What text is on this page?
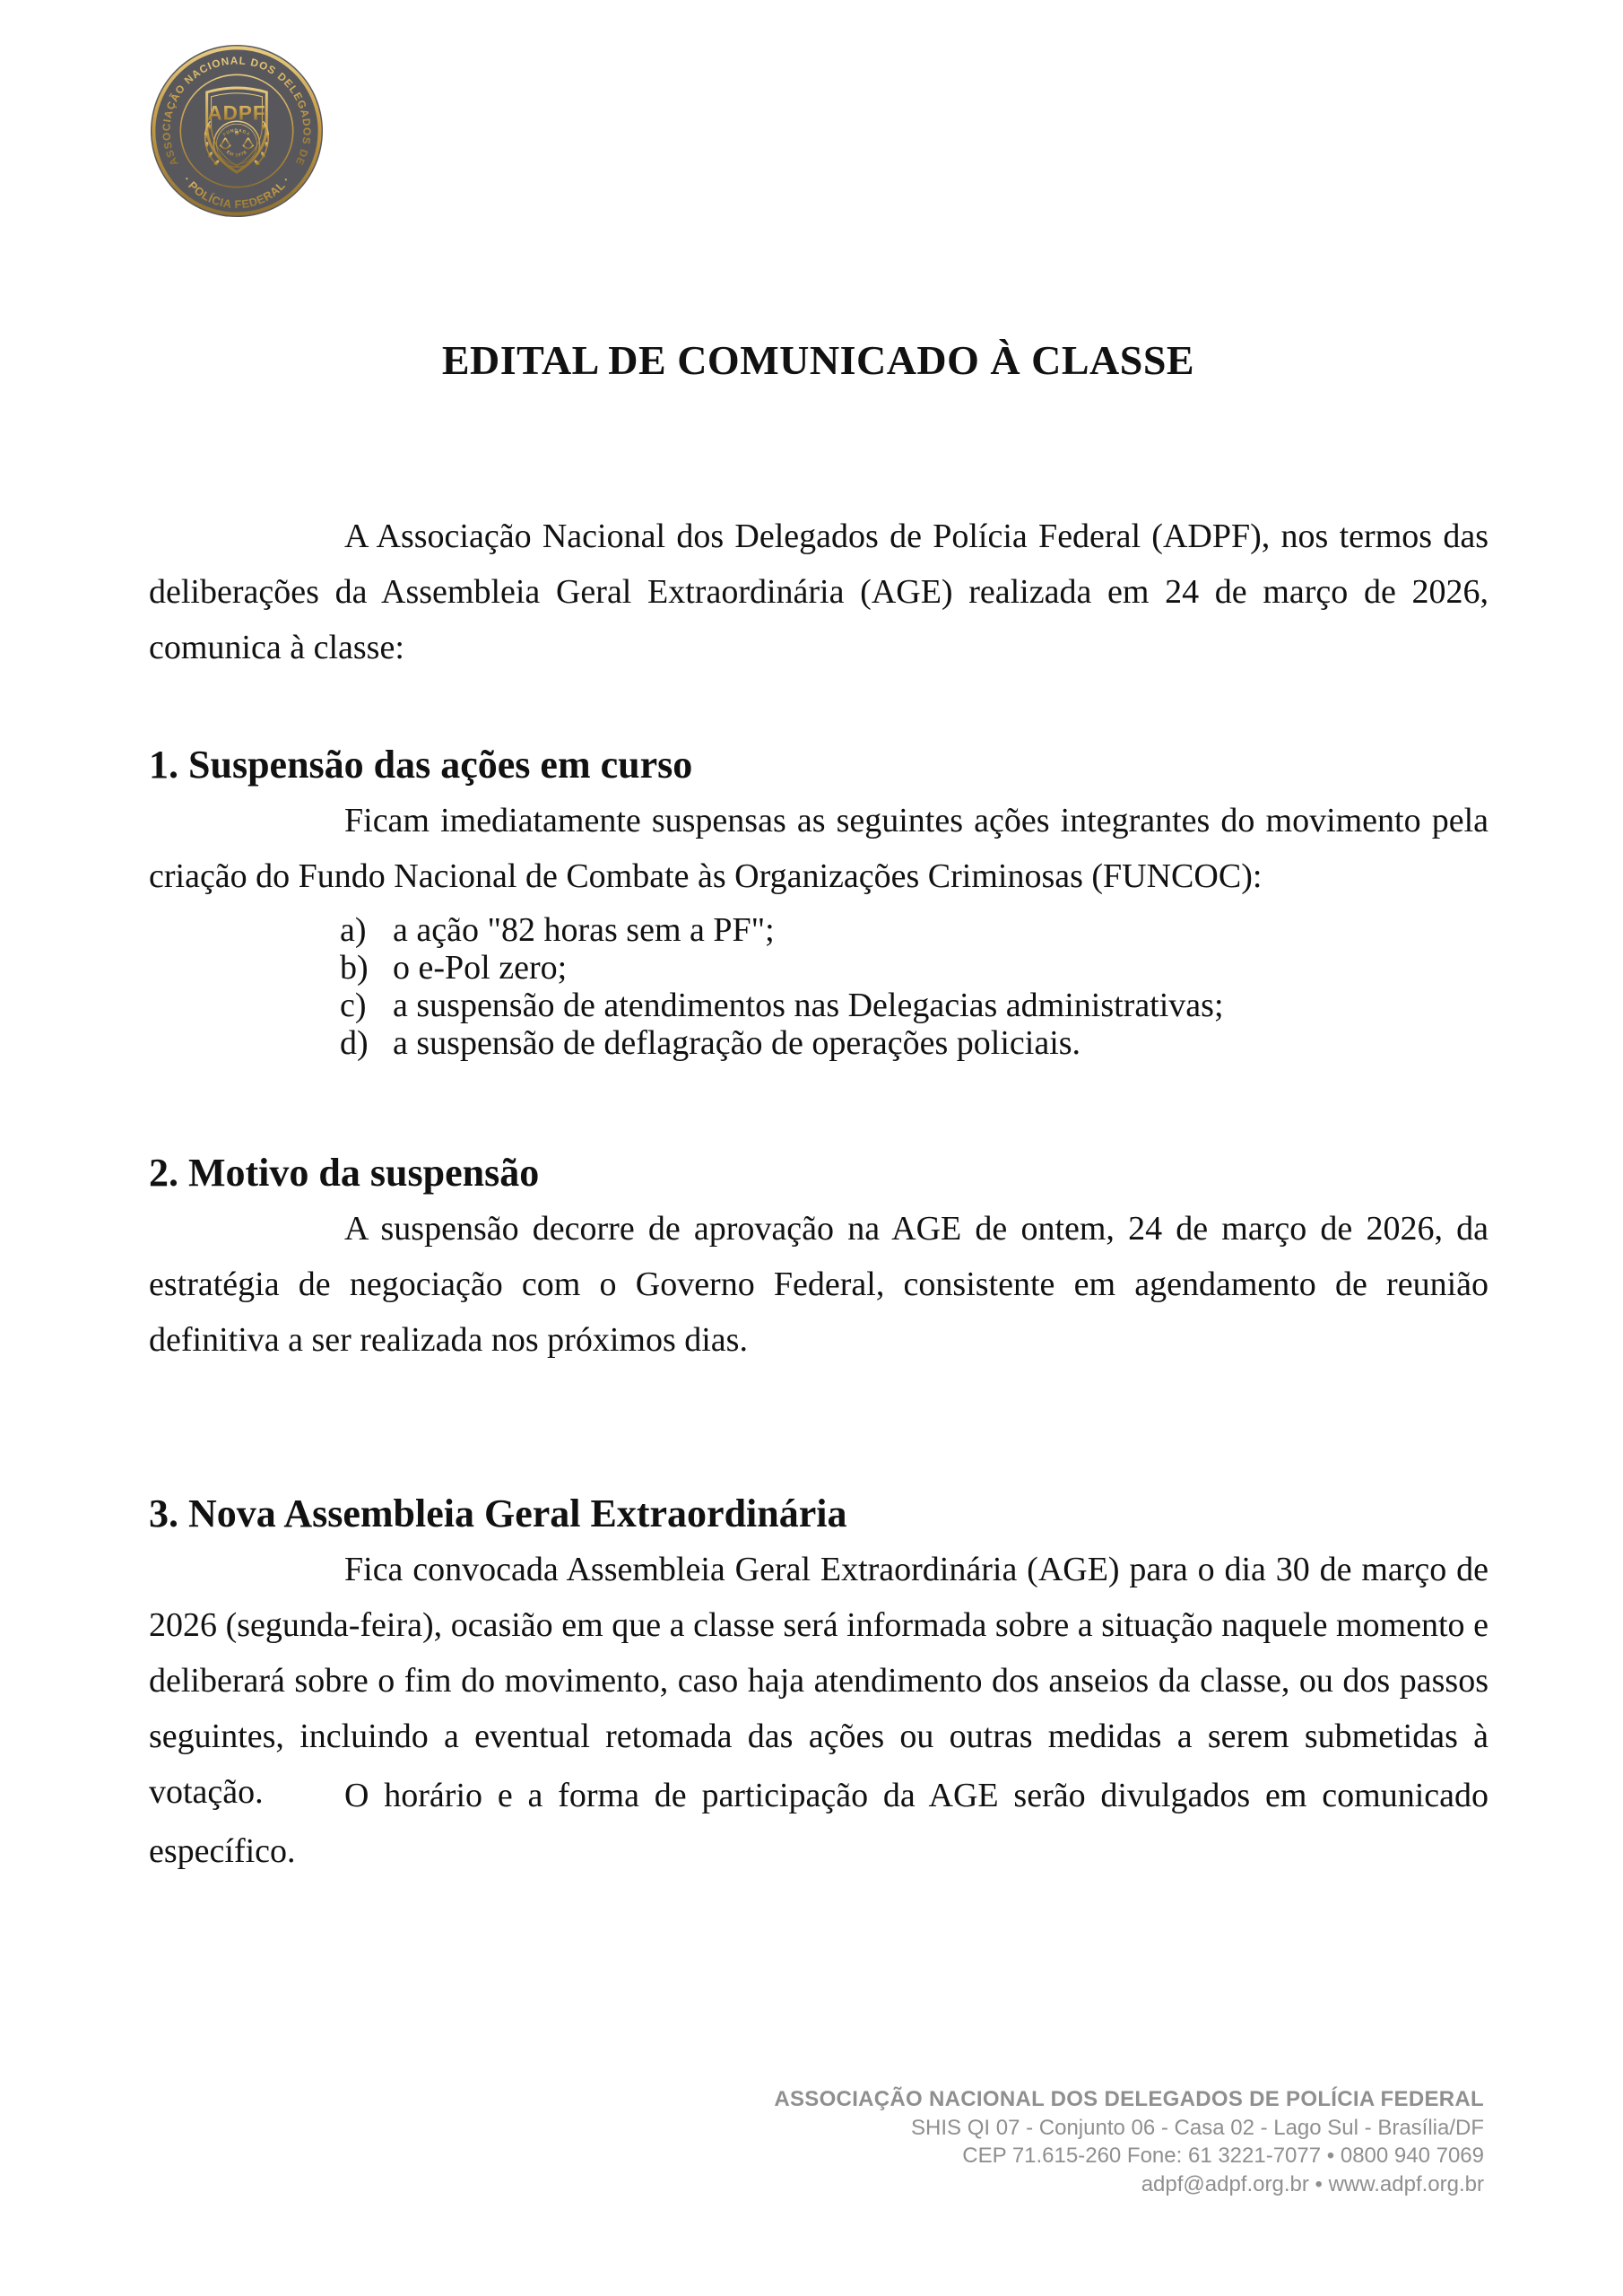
ASSOCIAÇÃO NACIONAL DOS DELEGADOS DE
· POLÍCIA FEDERAL ·
ADPF
FUNDADA
EM 1978
EDITAL DE COMUNICADO À CLASSE

A Associação Nacional dos Delegados de Polícia Federal (ADPF), nos termos das deliberações da Assembleia Geral Extraordinária (AGE) realizada em 24 de março de 2026, comunica à classe:

1. Suspensão das ações em curso

Ficam imediatamente suspensas as seguintes ações integrantes do movimento pela criação do Fundo Nacional de Combate às Organizações Criminosas (FUNCOC):

a) a ação "82 horas sem a PF";
b) o e-Pol zero;
c) a suspensão de atendimentos nas Delegacias administrativas;
d) a suspensão de deflagração de operações policiais.
2. Motivo da suspensão

A suspensão decorre de aprovação na AGE de ontem, 24 de março de 2026, da estratégia de negociação com o Governo Federal, consistente em agendamento de reunião definitiva a ser realizada nos próximos dias.

3. Nova Assembleia Geral Extraordinária

Fica convocada Assembleia Geral Extraordinária (AGE) para o dia 30 de março de 2026 (segunda-feira), ocasião em que a classe será informada sobre a situação naquele momento e deliberará sobre o fim do movimento, caso haja atendimento dos anseios da classe, ou dos passos seguintes, incluindo a eventual retomada das ações ou outras medidas a serem submetidas à votação.	O horário e a forma de participação da AGE serão divulgados em comunicado específico.

ASSOCIAÇÃO NACIONAL DOS DELEGADOS DE POLÍCIA FEDERAL
SHIS QI 07 - Conjunto 06 - Casa 02 - Lago Sul - Brasília/DF
CEP 71.615-260 Fone: 61 3221-7077 • 0800 940 7069
adpf@adpf.org.br • www.adpf.org.br
